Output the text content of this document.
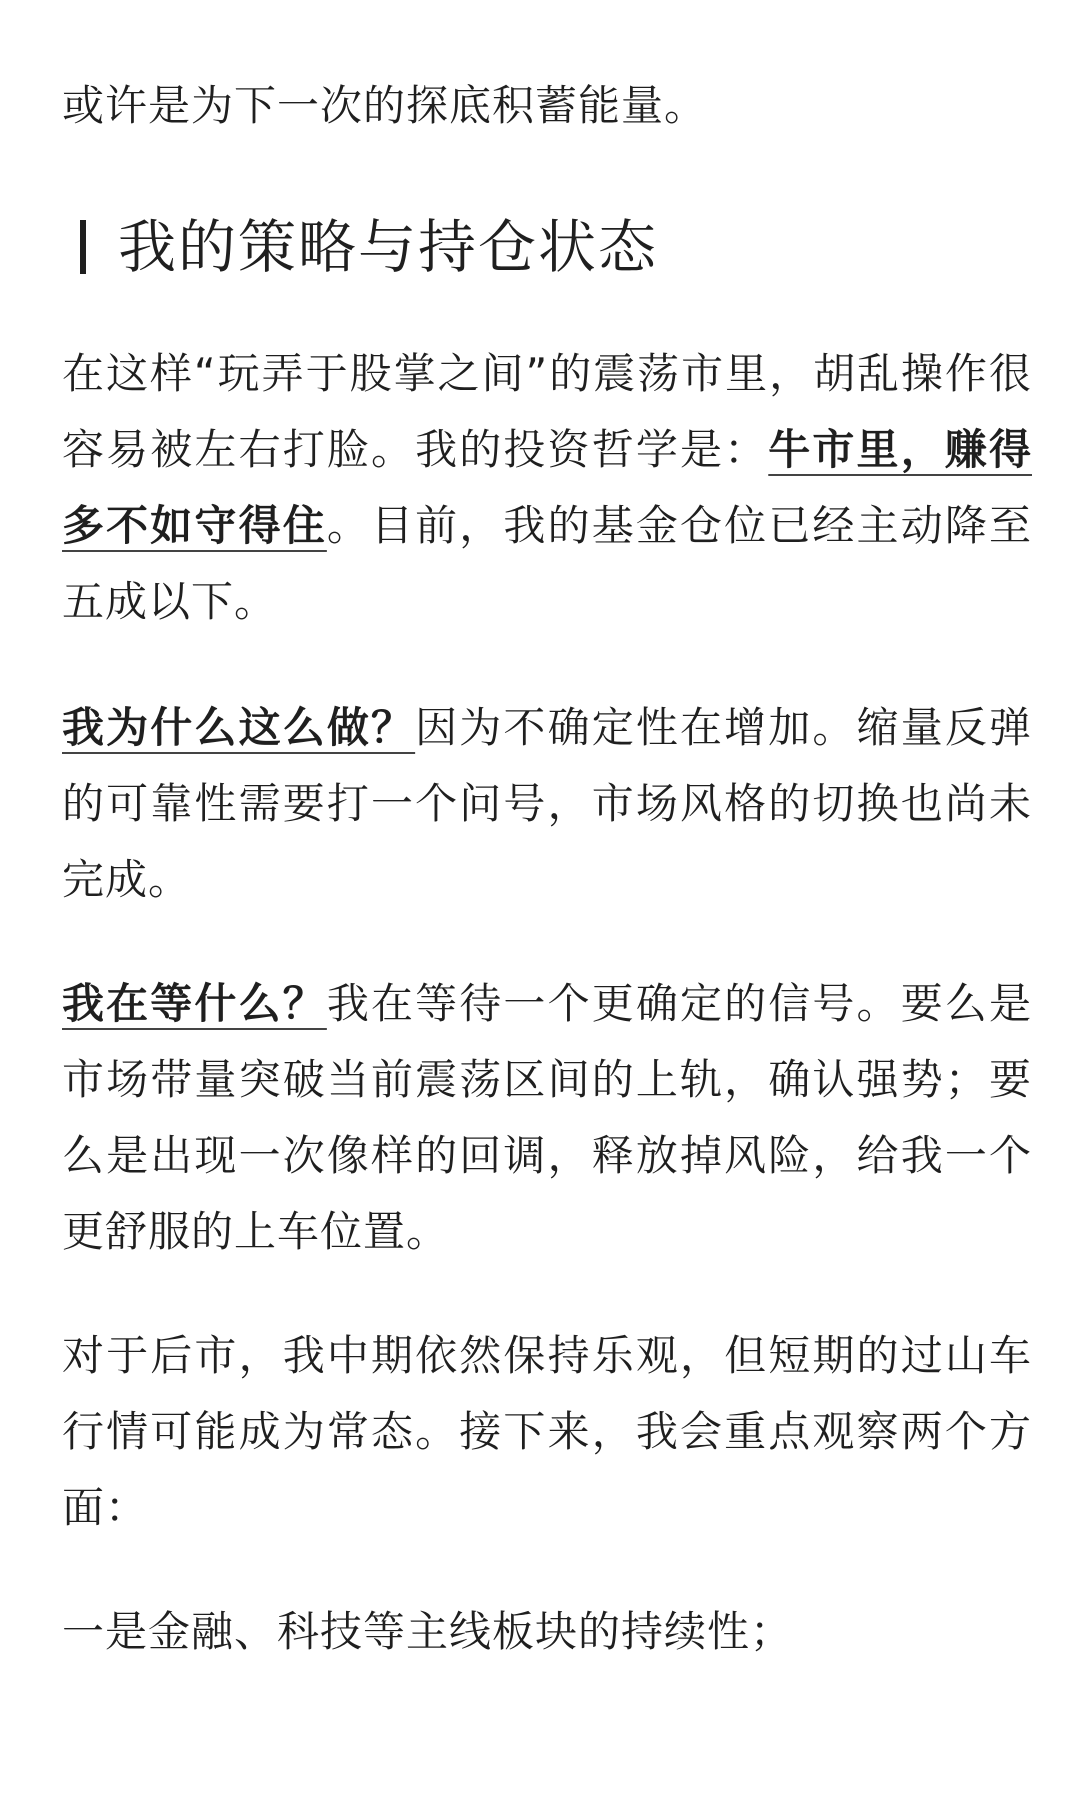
或许是为下一次的探底积蓄能量。

我的策略与持仓状态

在这样“玩弄于股掌之间”的震荡市里，胡乱操作很容易被左右打脸。我的投资哲学是：牛市里，赚得多不如守得住。目前，我的基金仓位已经主动降至五成以下。

我为什么这么做？因为不确定性在增加。缩量反弹的可靠性需要打一个问号，市场风格的切换也尚未完成。

我在等什么？我在等待一个更确定的信号。要么是市场带量突破当前震荡区间的上轨，确认强势；要么是出现一次像样的回调，释放掉风险，给我一个更舒服的上车位置。

对于后市，我中期依然保持乐观，但短期的过山车行情可能成为常态。接下来，我会重点观察两个方面：

一是金融、科技等主线板块的持续性；
